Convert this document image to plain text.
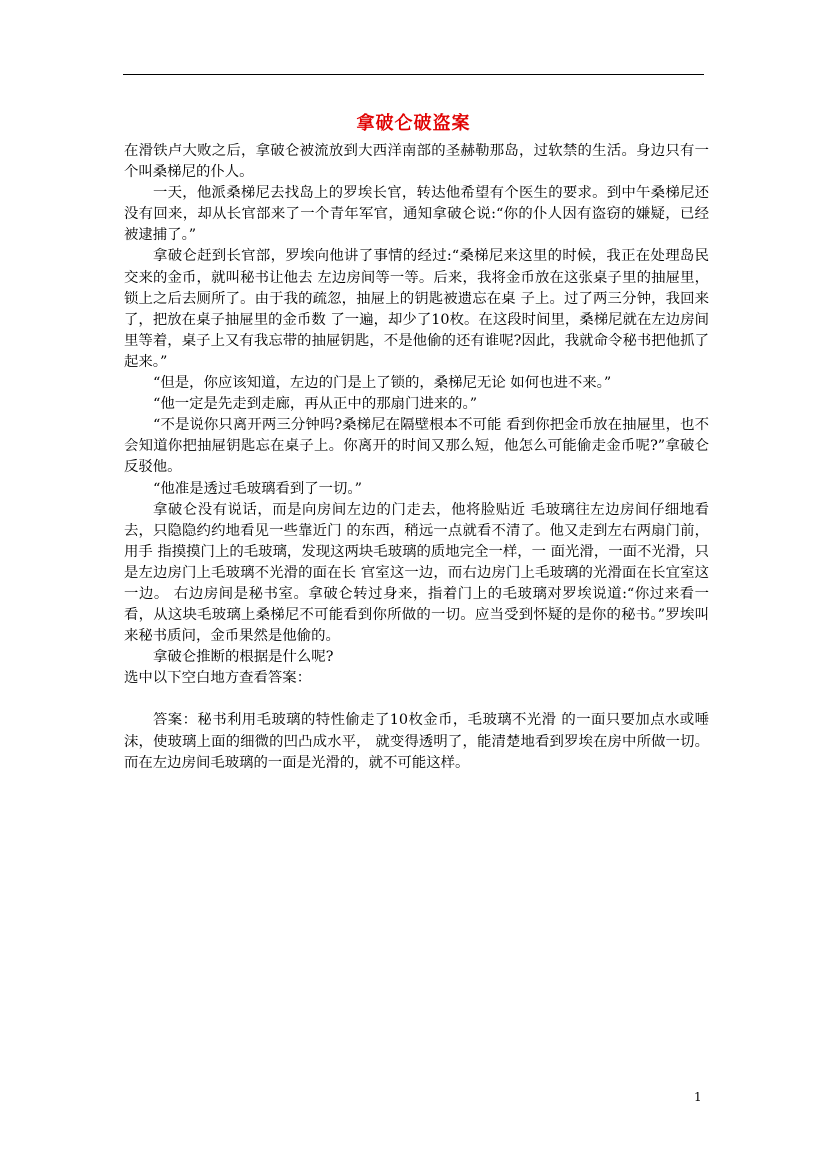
拿破仑破盗案

在滑铁卢大败之后，拿破仑被流放到大西洋南部的圣赫勒那岛，过软禁的生活。身边只有一个叫桑梯尼的仆人。

一天，他派桑梯尼去找岛上的罗埃长官，转达他希望有个医生的要求。到中午桑梯尼还没有回来，却从长官部来了一个青年军官，通知拿破仑说:“你的仆人因有盗窃的嫌疑，已经被逮捕了。”

拿破仑赶到长官部，罗埃向他讲了事情的经过:“桑梯尼来这里的时候，我正在处理岛民交来的金币，就叫秘书让他去 左边房间等一等。后来，我将金币放在这张桌子里的抽屉里，锁上之后去厕所了。由于我的疏忽，抽屉上的钥匙被遗忘在桌 子上。过了两三分钟，我回来了，把放在桌子抽屉里的金币数 了一遍，却少了10枚。在这段时间里，桑梯尼就在左边房间里等着，桌子上又有我忘带的抽屉钥匙，不是他偷的还有谁呢?因此，我就命令秘书把他抓了起来。”

“但是，你应该知道，左边的门是上了锁的，桑梯尼无论 如何也进不来。”

“他一定是先走到走廊，再从正中的那扇门进来的。”

“不是说你只离开两三分钟吗?桑梯尼在隔壁根本不可能 看到你把金币放在抽屉里，也不会知道你把抽屉钥匙忘在桌子上。你离开的时间又那么短，他怎么可能偷走金币呢?”拿破仑反驳他。

“他准是透过毛玻璃看到了一切。”

拿破仑没有说话，而是向房间左边的门走去，他将脸贴近 毛玻璃往左边房间仔细地看去，只隐隐约约地看见一些靠近门 的东西，稍远一点就看不清了。他又走到左右两扇门前，用手 指摸摸门上的毛玻璃，发现这两块毛玻璃的质地完全一样，一 面光滑，一面不光滑，只是左边房门上毛玻璃不光滑的面在长 官室这一边，而右边房门上毛玻璃的光滑面在长宜室这一边。 右边房间是秘书室。拿破仑转过身来，指着门上的毛玻璃对罗埃说道:“你过来看一看，从这块毛玻璃上桑梯尼不可能看到你所做的一切。应当受到怀疑的是你的秘书。”罗埃叫来秘书质问，金币果然是他偷的。

拿破仑推断的根据是什么呢?

选中以下空白地方查看答案：

答案：秘书利用毛玻璃的特性偷走了10枚金币，毛玻璃不光滑 的一面只要加点水或唾沫，使玻璃上面的细微的凹凸成水平， 就变得透明了，能清楚地看到罗埃在房中所做一切。而在左边房间毛玻璃的一面是光滑的，就不可能这样。

1
